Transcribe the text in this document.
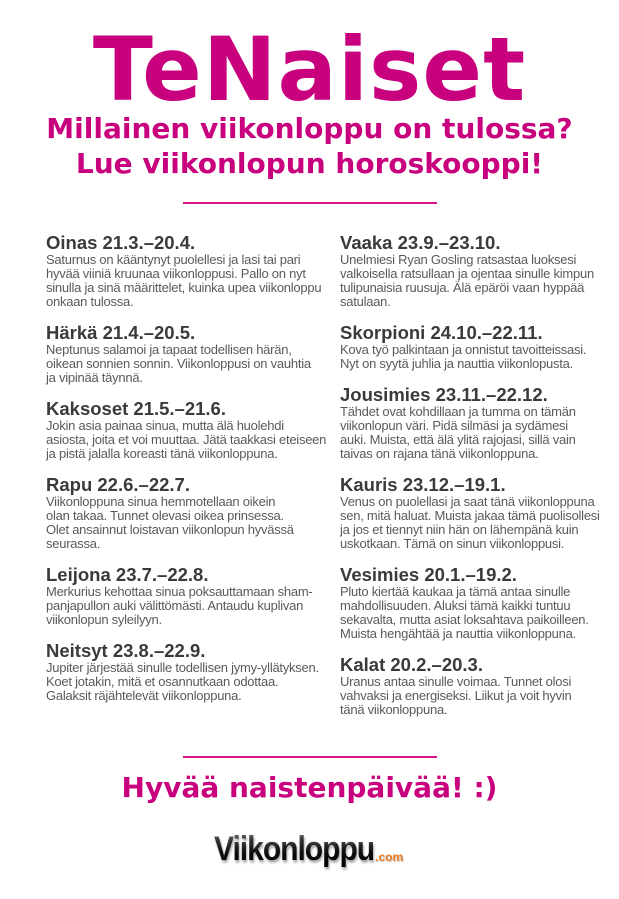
TeNaiset
Millainen viikonloppu on tulossa?
Lue viikonlopun horoskooppi!
Oinas 21.3.–20.4.
Saturnus on kääntynyt puolellesi ja lasi tai pari
hyvää viiniä kruunaa viikonloppusi. Pallo on nyt
sinulla ja sinä määrittelet, kuinka upea viikonloppu
onkaan tulossa.
Härkä 21.4.–20.5.
Neptunus salamoi ja tapaat todellisen härän,
oikean sonnien sonnin. Viikonloppusi on vauhtia
ja vipinää täynnä.
Kaksoset 21.5.–21.6.
Jokin asia painaa sinua, mutta älä huolehdi
asiosta, joita et voi muuttaa. Jätä taakkasi eteiseen
ja pistä jalalla koreasti tänä viikonloppuna.
Rapu 22.6.–22.7.
Viikonloppuna sinua hemmotellaan oikein
olan takaa. Tunnet olevasi oikea prinsessa.
Olet ansainnut loistavan viikonlopun hyvässä
seurassa.
Leijona 23.7.–22.8.
Merkurius kehottaa sinua poksauttamaan sham-
panjapullon auki välittömästi. Antaudu kuplivan
viikonlopun syleilyyn.
Neitsyt 23.8.–22.9.
Jupiter järjestää sinulle todellisen jymy-yllätyksen.
Koet jotakin, mitä et osannutkaan odottaa.
Galaksit räjähtelevät viikonloppuna.
Vaaka 23.9.–23.10.
Unelmiesi Ryan Gosling ratsastaa luoksesi
valkoisella ratsullaan ja ojentaa sinulle kimpun
tulipunaisia ruusuja. Älä epäröi vaan hyppää
satulaan.
Skorpioni 24.10.–22.11.
Kova työ palkintaan ja onnistut tavoitteissasi.
Nyt on syytä juhlia ja nauttia viikonlopusta.
Jousimies 23.11.–22.12.
Tähdet ovat kohdillaan ja tumma on tämän
viikonlopun väri. Pidä silmäsi ja sydämesi
auki. Muista, että älä ylitä rajojasi, sillä vain
taivas on rajana tänä viikonloppuna.
Kauris 23.12.–19.1.
Venus on puolellasi ja saat tänä viikonloppuna
sen, mitä haluat. Muista jakaa tämä puolisollesi
ja jos et tiennyt niin hän on lähempänä kuin
uskotkaan. Tämä on sinun viikonloppusi.
Vesimies 20.1.–19.2.
Pluto kiertää kaukaa ja tämä antaa sinulle
mahdollisuuden. Aluksi tämä kaikki tuntuu
sekavalta, mutta asiat loksahtava paikoilleen.
Muista hengähtää ja nauttia viikonloppuna.
Kalat 20.2.–20.3.
Uranus antaa sinulle voimaa. Tunnet olosi
vahvaksi ja energiseksi. Liikut ja voit hyvin
tänä viikonloppuna.
Hyvää naistenpäivää! :)
Viikonloppu .com
